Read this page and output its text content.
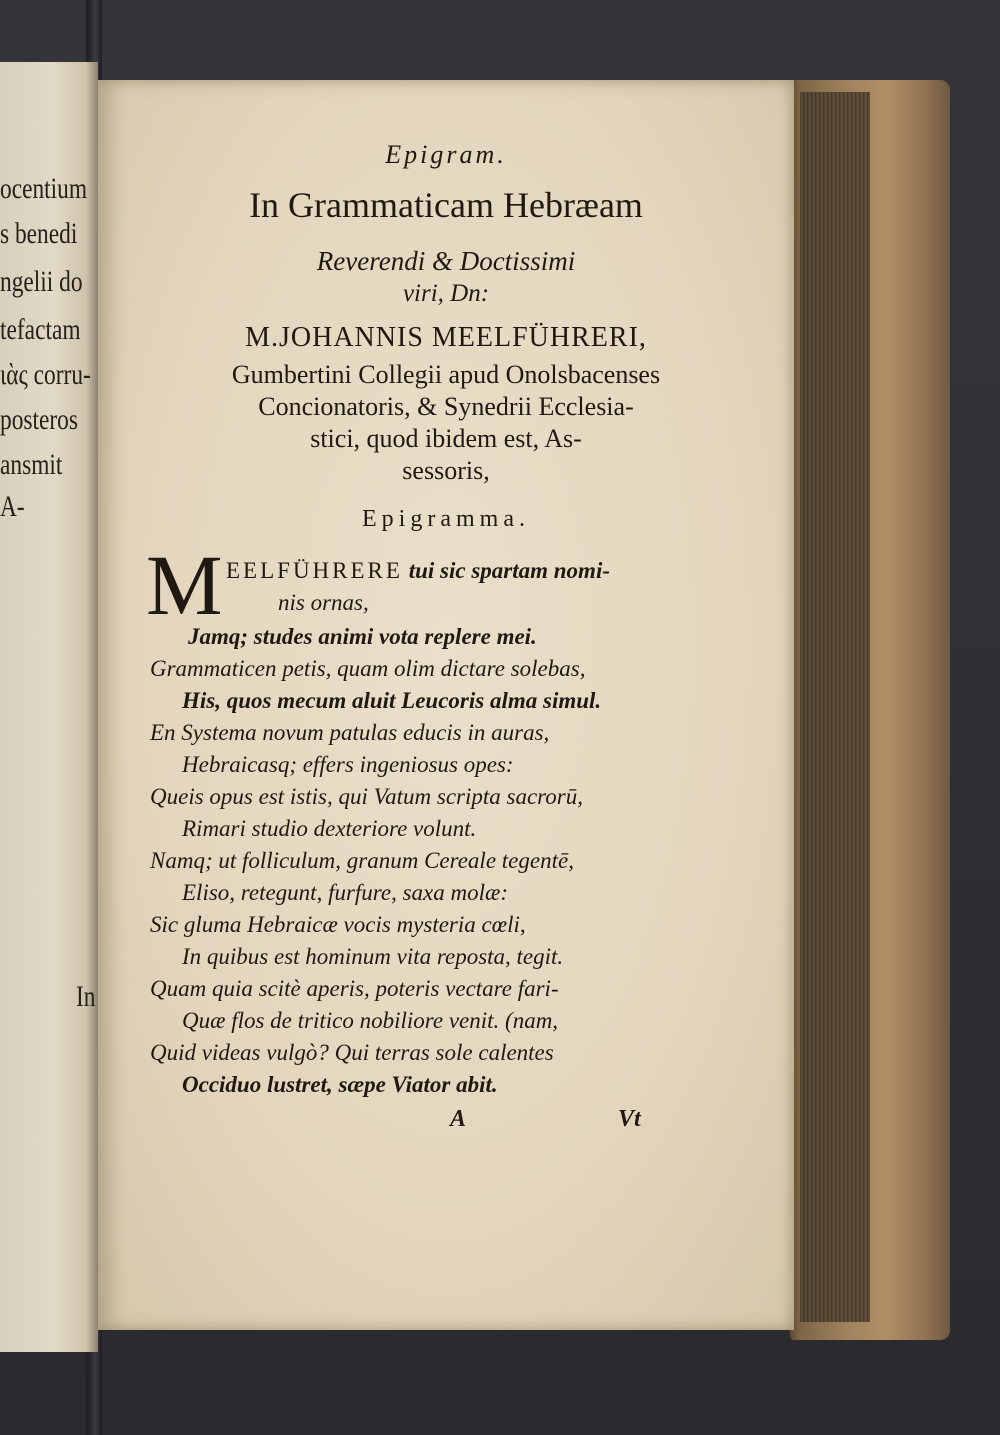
ocentium
s benedi
ngelii do
tefactam
ιὰς corru-
posteros
ansmit
A-
In
Epigram.
In Grammaticam Hebræam
Reverendi & Doctissimi
viri, Dn:
M.JOHANNIS MEELFÜHRERI,
Gumbertini Collegii apud Onolsbacenses
Concionatoris, & Synedrii Ecclesia-
stici, quod ibidem est, As-
sessoris,
Epigramma.
M EELFÜHRERE tui sic spartam nomi-
nis ornas,
Jamq; studes animi vota replere mei.
Grammaticen petis, quam olim dictare solebas,
His, quos mecum aluit Leucoris alma simul.
En Systema novum patulas educis in auras,
Hebraicasq; effers ingeniosus opes:
Queis opus est istis, qui Vatum scripta sacrorū,
Rimari studio dexteriore volunt.
Namq; ut folliculum, granum Cereale tegentē,
Eliso, retegunt, furfure, saxa molæ:
Sic gluma Hebraicæ vocis mysteria cœli,
In quibus est hominum vita reposta, tegit.
Quam quia scitè aperis, poteris vectare fari-
Quæ flos de tritico nobiliore venit. (nam,
Quid videas vulgò? Qui terras sole calentes
Occiduo lustret, sæpe Viator abit.
A	Vt
